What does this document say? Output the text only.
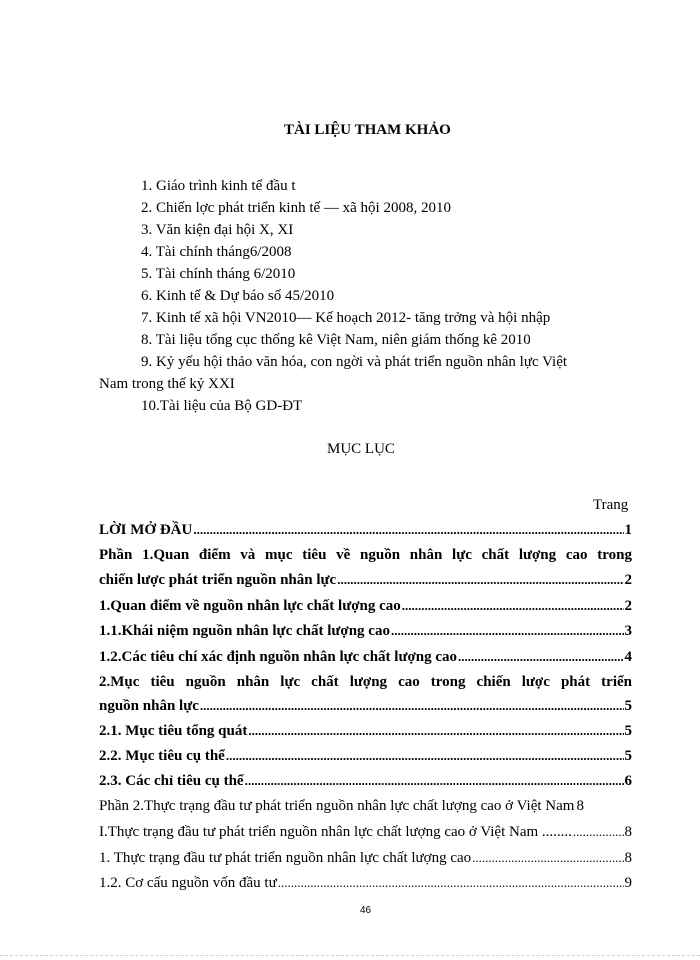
TÀI LIỆU THAM KHẢO
1. Giáo trình kinh tế đầu t
2. Chiến lợc phát triển kinh tế — xã hội 2008, 2010
3. Văn kiện đại hội X, XI
4. Tài chính tháng6/2008
5. Tài chính tháng 6/2010
6. Kinh tế & Dự báo số 45/2010
7. Kinh tế xã hội VN2010— Kế hoạch 2012- tăng trởng và hội nhập
8. Tài liệu tổng cục thống kê Việt Nam, niên giám thống kê 2010
9. Kỷ yếu hội thảo văn hóa, con ngời và phát triển nguồn nhân lực Việt
Nam trong thế kỷ XXI
10.Tài liệu của Bộ GD-ĐT
MỤC LỤC
Trang
LỜI MỞ ĐẦU .....	1
Phần 1.Quan điểm và mục tiêu về nguồn nhân lực chất lượng cao trong
chiến lược phát triển nguồn nhân lực .....	2
1.Quan điểm về nguồn nhân lực chất lượng cao .....	2
1.1.Khái niệm nguồn nhân lực chất lượng cao .....	3
1.2.Các tiêu chí xác định nguồn nhân lực chất lượng cao .....	4
2.Mục tiêu nguồn nhân lực chất lượng cao trong chiến lược phát triển
nguồn nhân lực .....	5
2.1. Mục tiêu tổng quát .....	5
2.2. Mục tiêu cụ thể .....	5
2.3. Các chỉ tiêu cụ thể .....	6
Phần 2.Thực trạng đầu tư phát triển nguồn nhân lực chất lượng cao ở Việt Nam 8
I.Thực trạng đầu tư phát triển nguồn nhân lực chất lượng cao ở Việt Nam ........ .....	8
1. Thực trạng đầu tư phát triển nguồn nhân lực chất lượng cao .....	8
1.2. Cơ cấu nguồn vốn đầu tư .....	9
46
